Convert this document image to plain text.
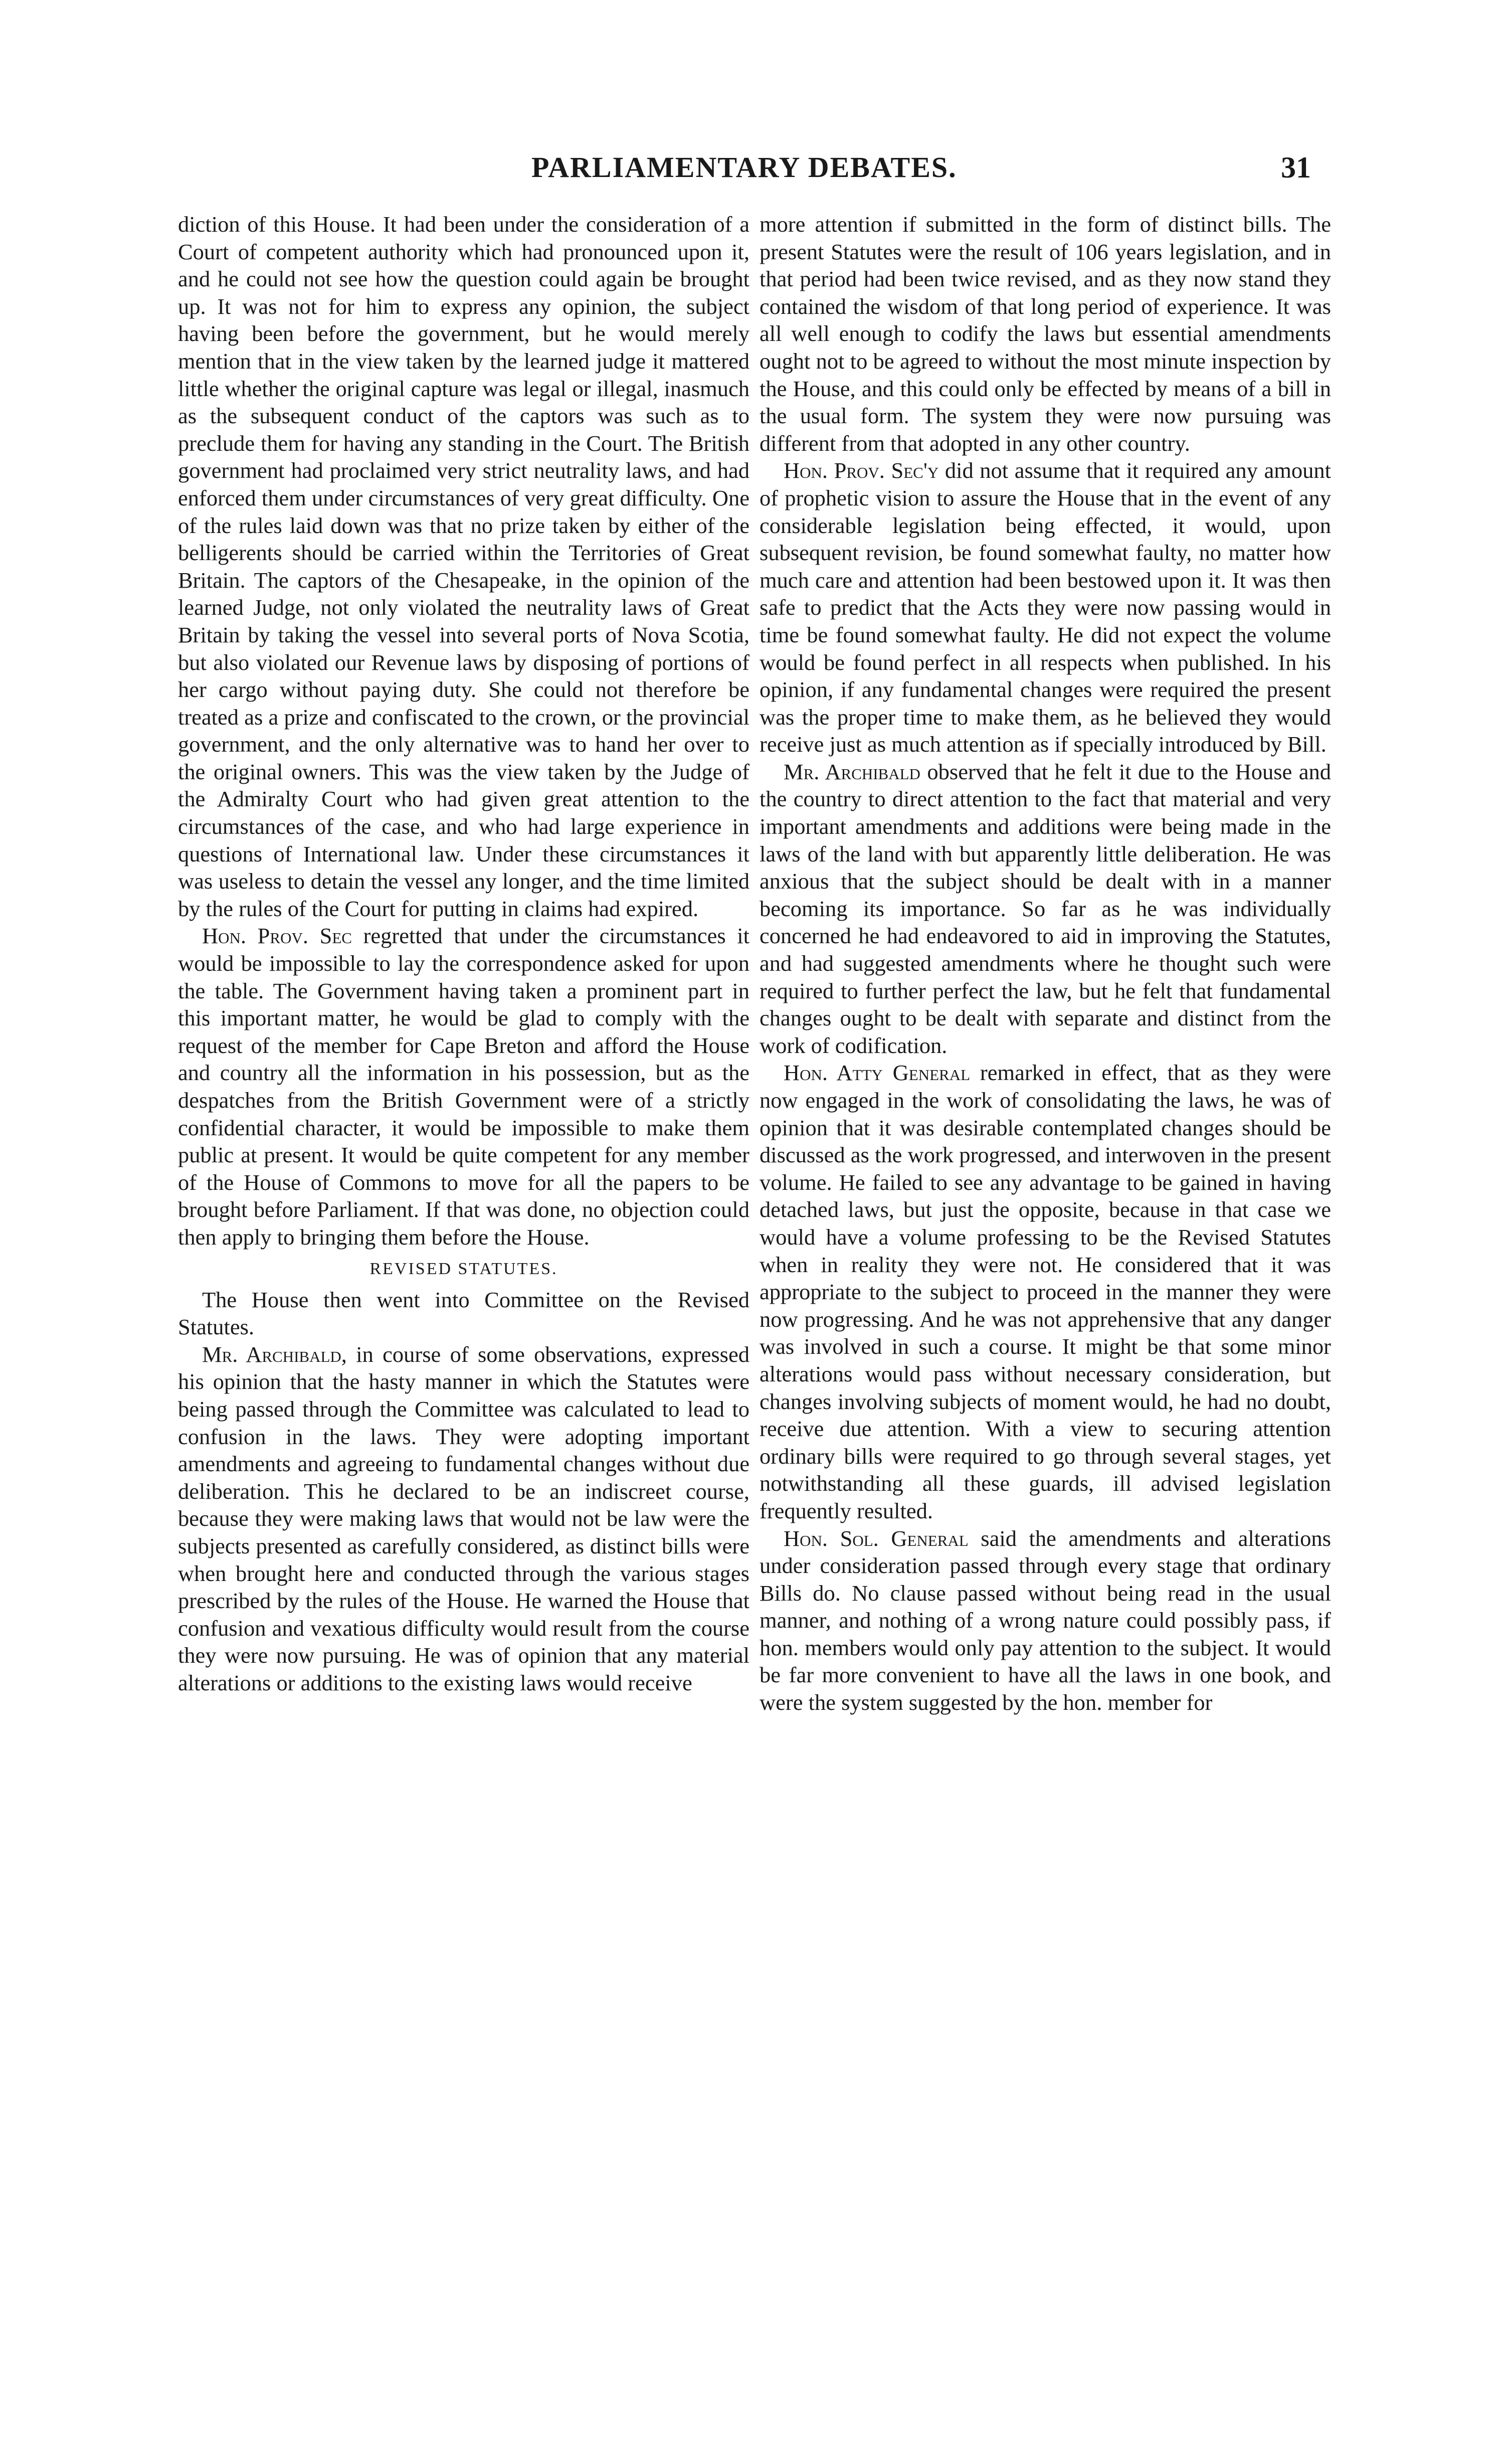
PARLIAMENTARY DEBATES.	31

diction of this House. It had been under the consideration of a Court of competent authority which had pronounced upon it, and he could not see how the question could again be brought up. It was not for him to express any opinion, the subject having been before the government, but he would merely mention that in the view taken by the learned judge it mattered little whether the original capture was legal or illegal, inasmuch as the subsequent conduct of the captors was such as to preclude them for having any standing in the Court. The British government had proclaimed very strict neutrality laws, and had enforced them under circumstances of very great difficulty. One of the rules laid down was that no prize taken by either of the belligerents should be carried within the Territories of Great Britain. The captors of the Chesapeake, in the opinion of the learned Judge, not only violated the neutrality laws of Great Britain by taking the vessel into several ports of Nova Scotia, but also violated our Revenue laws by disposing of portions of her cargo without paying duty. She could not therefore be treated as a prize and confiscated to the crown, or the provincial government, and the only alternative was to hand her over to the original owners. This was the view taken by the Judge of the Admiralty Court who had given great attention to the circumstances of the case, and who had large experience in questions of International law. Under these circumstances it was useless to detain the vessel any longer, and the time limited by the rules of the Court for putting in claims had expired.

Hon. Prov. Sec regretted that under the circumstances it would be impossible to lay the correspondence asked for upon the table. The Government having taken a prominent part in this important matter, he would be glad to comply with the request of the member for Cape Breton and afford the House and country all the information in his possession, but as the despatches from the British Government were of a strictly confidential character, it would be impossible to make them public at present. It would be quite competent for any member of the House of Commons to move for all the papers to be brought before Parliament. If that was done, no objection could then apply to bringing them before the House.

REVISED STATUTES.

The House then went into Committee on the Revised Statutes.

Mr. Archibald, in course of some observations, expressed his opinion that the hasty manner in which the Statutes were being passed through the Committee was calculated to lead to confusion in the laws. They were adopting important amendments and agreeing to fundamental changes without due deliberation. This he declared to be an indiscreet course, because they were making laws that would not be law were the subjects presented as carefully considered, as distinct bills were when brought here and conducted through the various stages prescribed by the rules of the House. He warned the House that confusion and vexatious difficulty would result from the course they were now pursuing. He was of opinion that any material alterations or additions to the existing laws would receive

more attention if submitted in the form of distinct bills. The present Statutes were the result of 106 years legislation, and in that period had been twice revised, and as they now stand they contained the wisdom of that long period of experience. It was all well enough to codify the laws but essential amendments ought not to be agreed to without the most minute inspection by the House, and this could only be effected by means of a bill in the usual form. The system they were now pursuing was different from that adopted in any other country.

Hon. Prov. Sec'y did not assume that it required any amount of prophetic vision to assure the House that in the event of any considerable legislation being effected, it would, upon subsequent revision, be found somewhat faulty, no matter how much care and attention had been bestowed upon it. It was then safe to predict that the Acts they were now passing would in time be found somewhat faulty. He did not expect the volume would be found perfect in all respects when published. In his opinion, if any fundamental changes were required the present was the proper time to make them, as he believed they would receive just as much attention as if specially introduced by Bill.

Mr. Archibald observed that he felt it due to the House and the country to direct attention to the fact that material and very important amendments and additions were being made in the laws of the land with but apparently little deliberation. He was anxious that the subject should be dealt with in a manner becoming its importance. So far as he was individually concerned he had endeavored to aid in improving the Statutes, and had suggested amendments where he thought such were required to further perfect the law, but he felt that fundamental changes ought to be dealt with separate and distinct from the work of codification.

Hon. Atty General remarked in effect, that as they were now engaged in the work of consolidating the laws, he was of opinion that it was desirable contemplated changes should be discussed as the work progressed, and interwoven in the present volume. He failed to see any advantage to be gained in having detached laws, but just the opposite, because in that case we would have a volume professing to be the Revised Statutes when in reality they were not. He considered that it was appropriate to the subject to proceed in the manner they were now progressing. And he was not apprehensive that any danger was involved in such a course. It might be that some minor alterations would pass without necessary consideration, but changes involving subjects of moment would, he had no doubt, receive due attention. With a view to securing attention ordinary bills were required to go through several stages, yet notwithstanding all these guards, ill advised legislation frequently resulted.

Hon. Sol. General said the amendments and alterations under consideration passed through every stage that ordinary Bills do. No clause passed without being read in the usual manner, and nothing of a wrong nature could possibly pass, if hon. members would only pay attention to the subject. It would be far more convenient to have all the laws in one book, and were the system suggested by the hon. member for
